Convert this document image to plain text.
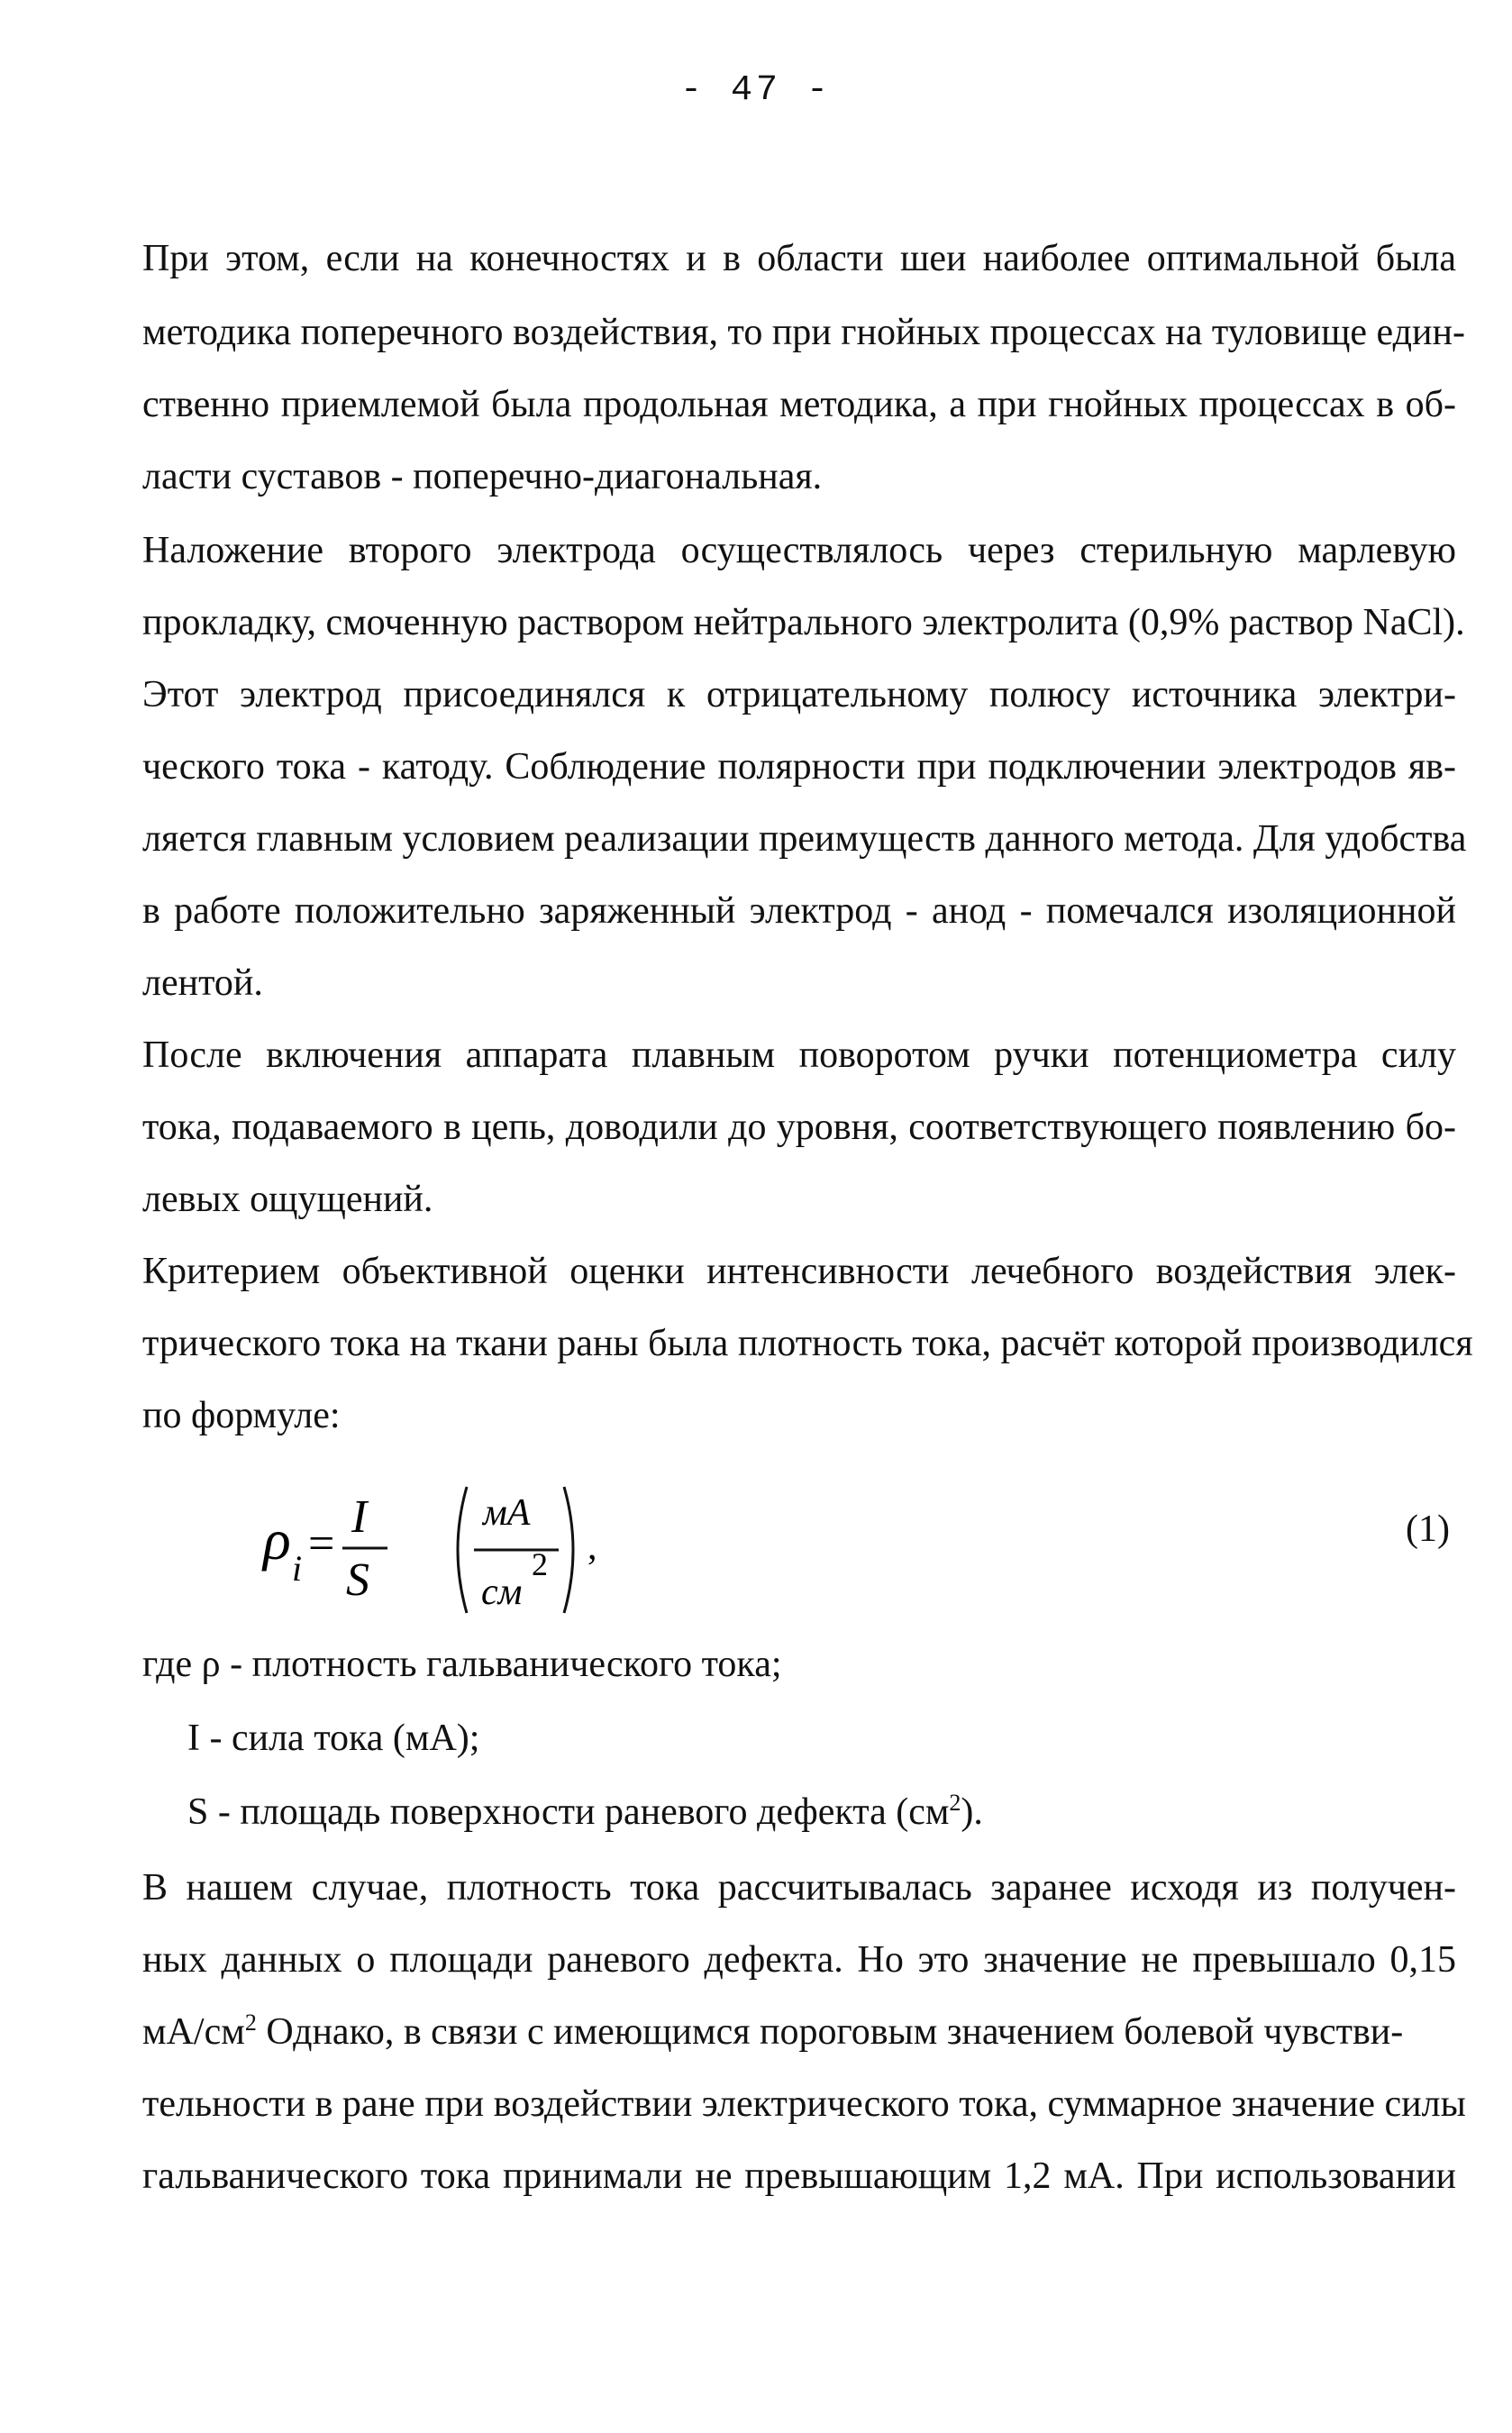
- 47 -
При этом, если на конечностях и в области шеи наиболее оптимальной была
методика поперечного воздействия, то при гнойных процессах на туловище един-
ственно приемлемой была продольная методика, а при гнойных процессах в об-
ласти суставов - поперечно-диагональная.
Наложение второго электрода осуществлялось через стерильную марлевую
прокладку, смоченную раствором нейтрального электролита (0,9% раствор NaCl).
Этот электрод присоединялся к отрицательному полюсу источника электри-
ческого тока - катоду. Соблюдение полярности при подключении электродов яв-
ляется главным условием реализации преимуществ данного метода. Для удобства
в работе положительно заряженный электрод - анод - помечался изоляционной
лентой.
После включения аппарата плавным поворотом ручки потенциометра силу
тока, подаваемого в цепь, доводили до уровня, соответствующего появлению бо-
левых ощущений.
Критерием объективной оценки интенсивности лечебного воздействия элек-
трического тока на ткани раны была плотность тока, расчёт которой производился
по формуле:
ρ i =
I
S
мА
2
см
,	(1)
где ρ - плотность гальванического тока;
I - сила тока (мА);
S - площадь поверхности раневого дефекта $(см^2)$.
В нашем случае, плотность тока рассчитывалась заранее исходя из получен-
ных данных о площади раневого дефекта. Но это значение не превышало 0,15
$мА/см^2$ Однако, в связи с имеющимся пороговым значением болевой чувстви-
тельности в ране при воздействии электрического тока, суммарное значение силы
гальванического тока принимали не превышающим 1,2 мА. При использовании
